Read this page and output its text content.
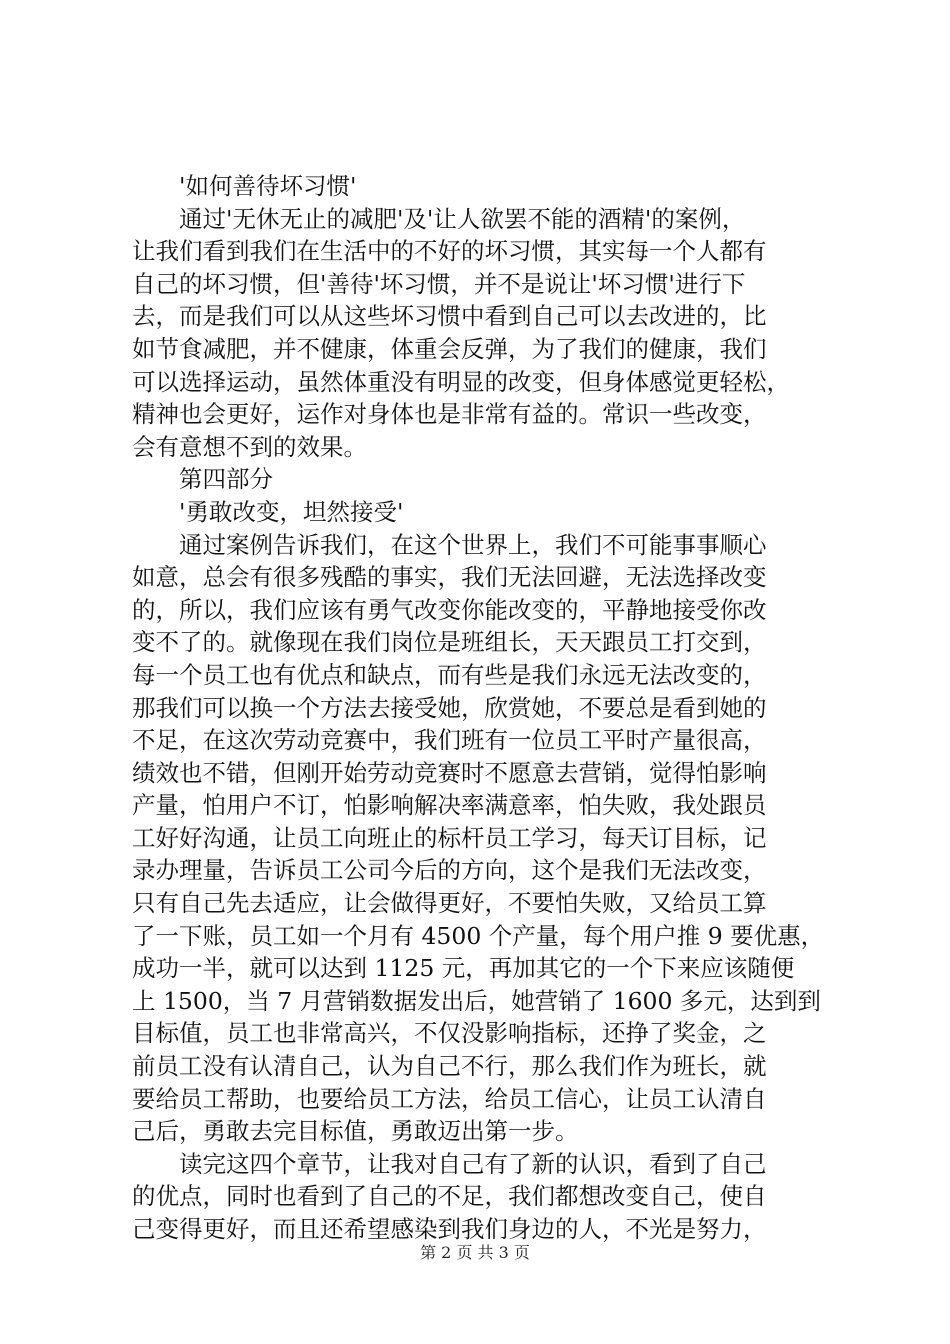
'如何善待坏习惯'
通过'无休无止的减肥'及'让人欲罢不能的酒精'的案例，
让我们看到我们在生活中的不好的坏习惯，其实每一个人都有
自己的坏习惯，但'善待'坏习惯，并不是说让'坏习惯'进行下
去，而是我们可以从这些坏习惯中看到自己可以去改进的，比
如节食减肥，并不健康，体重会反弹，为了我们的健康，我们
可以选择运动，虽然体重没有明显的改变，但身体感觉更轻松，
精神也会更好，运作对身体也是非常有益的。常识一些改变，
会有意想不到的效果。
第四部分
'勇敢改变，坦然接受'
通过案例告诉我们，在这个世界上，我们不可能事事顺心
如意，总会有很多残酷的事实，我们无法回避，无法选择改变
的，所以，我们应该有勇气改变你能改变的，平静地接受你改
变不了的。就像现在我们岗位是班组长，天天跟员工打交到，
每一个员工也有优点和缺点，而有些是我们永远无法改变的，
那我们可以换一个方法去接受她，欣赏她，不要总是看到她的
不足，在这次劳动竞赛中，我们班有一位员工平时产量很高，
绩效也不错，但刚开始劳动竞赛时不愿意去营销，觉得怕影响
产量，怕用户不订，怕影响解决率满意率，怕失败，我处跟员
工好好沟通，让员工向班止的标杆员工学习，每天订目标，记
录办理量，告诉员工公司今后的方向，这个是我们无法改变，
只有自己先去适应，让会做得更好，不要怕失败，又给员工算
了一下账，员工如一个月有 4500 个产量，每个用户推 9 要优惠，
成功一半，就可以达到 1125 元，再加其它的一个下来应该随便
上 1500，当 7 月营销数据发出后，她营销了 1600 多元，达到到
目标值，员工也非常高兴，不仅没影响指标，还挣了奖金，之
前员工没有认清自己，认为自己不行，那么我们作为班长，就
要给员工帮助，也要给员工方法，给员工信心，让员工认清自
己后，勇敢去完目标值，勇敢迈出第一步。
读完这四个章节，让我对自己有了新的认识，看到了自己
的优点，同时也看到了自己的不足，我们都想改变自己，使自
己变得更好，而且还希望感染到我们身边的人，不光是努力，
第 2 页 共 3 页
